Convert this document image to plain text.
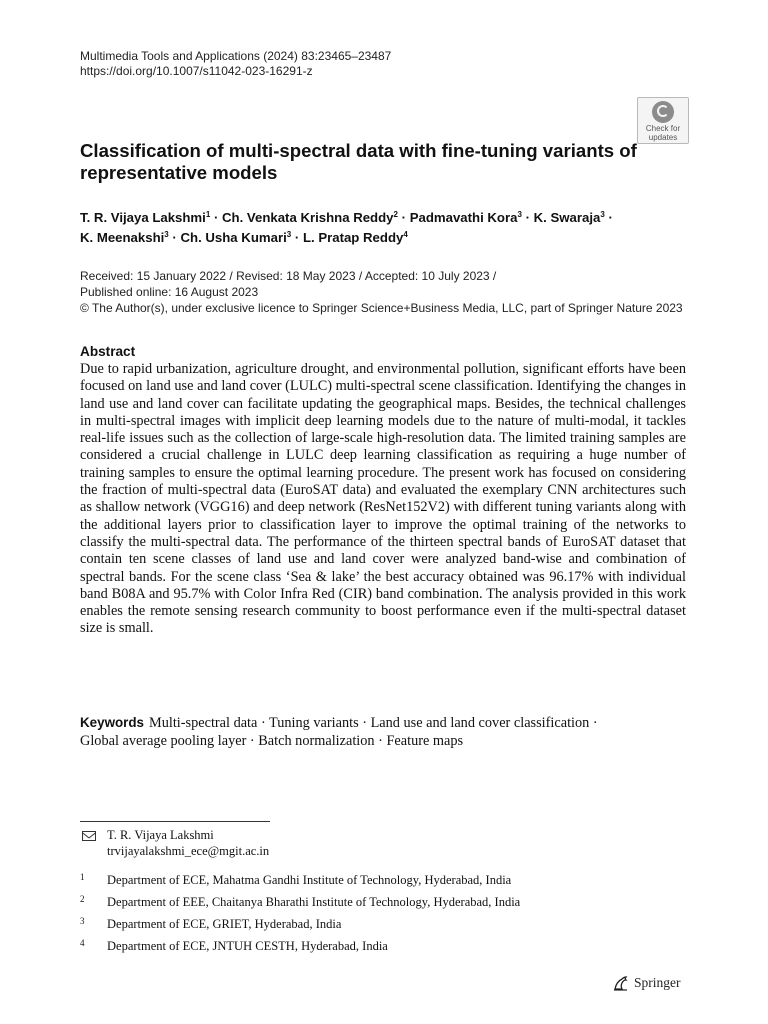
Multimedia Tools and Applications (2024) 83:23465–23487
https://doi.org/10.1007/s11042-023-16291-z
Check for
updates
Classification of multi-spectral data with fine-tuning variants of representative models
T. R. Vijaya Lakshmi$^1$ · Ch. Venkata Krishna Reddy$^2$ · Padmavathi Kora$^3$ · K. Swaraja$^3$ ·
K. Meenakshi$^3$ · Ch. Usha Kumari$^3$ · L. Pratap Reddy$^4$
Received: 15 January 2022 / Revised: 18 May 2023 / Accepted: 10 July 2023 /
Published online: 16 August 2023
© The Author(s), under exclusive licence to Springer Science+Business Media, LLC, part of Springer Nature 2023
Abstract

Due to rapid urbanization, agriculture drought, and environmental pollution, significant efforts have been focused on land use and land cover (LULC) multi-spectral scene classification. Identifying the changes in land use and land cover can facilitate updating the geographical maps. Besides, the technical challenges in multi-spectral images with implicit deep learning models due to the nature of multi-modal, it tackles real-life issues such as the collection of large-scale high-resolution data. The limited training samples are considered a crucial challenge in LULC deep learning classification as requiring a huge number of training samples to ensure the optimal learning procedure. The present work has focused on considering the fraction of multi-spectral data (EuroSAT data) and evaluated the exemplary CNN architectures such as shallow network (VGG16) and deep network (ResNet152V2) with different tuning variants along with the additional layers prior to classification layer to improve the optimal training of the networks to classify the multi-spectral data. The performance of the thirteen spectral bands of EuroSAT dataset that contain ten scene classes of land use and land cover were analyzed band-wise and combination of spectral bands. For the scene class ‘Sea & lake’ the best accuracy obtained was 96.17% with individual band B08A and 95.7% with Color Infra Red (CIR) band combination. The analysis provided in this work enables the remote sensing research community to boost performance even if the multi-spectral dataset size is small.

Keywords Multi-spectral data · Tuning variants · Land use and land cover classification ·
Global average pooling layer · Batch normalization · Feature maps
T. R. Vijaya Lakshmi
trvijayalakshmi_ece@mgit.ac.in
1 Department of ECE, Mahatma Gandhi Institute of Technology, Hyderabad, India
2 Department of EEE, Chaitanya Bharathi Institute of Technology, Hyderabad, India
3 Department of ECE, GRIET, Hyderabad, India
4 Department of ECE, JNTUH CESTH, Hyderabad, India
Springer
